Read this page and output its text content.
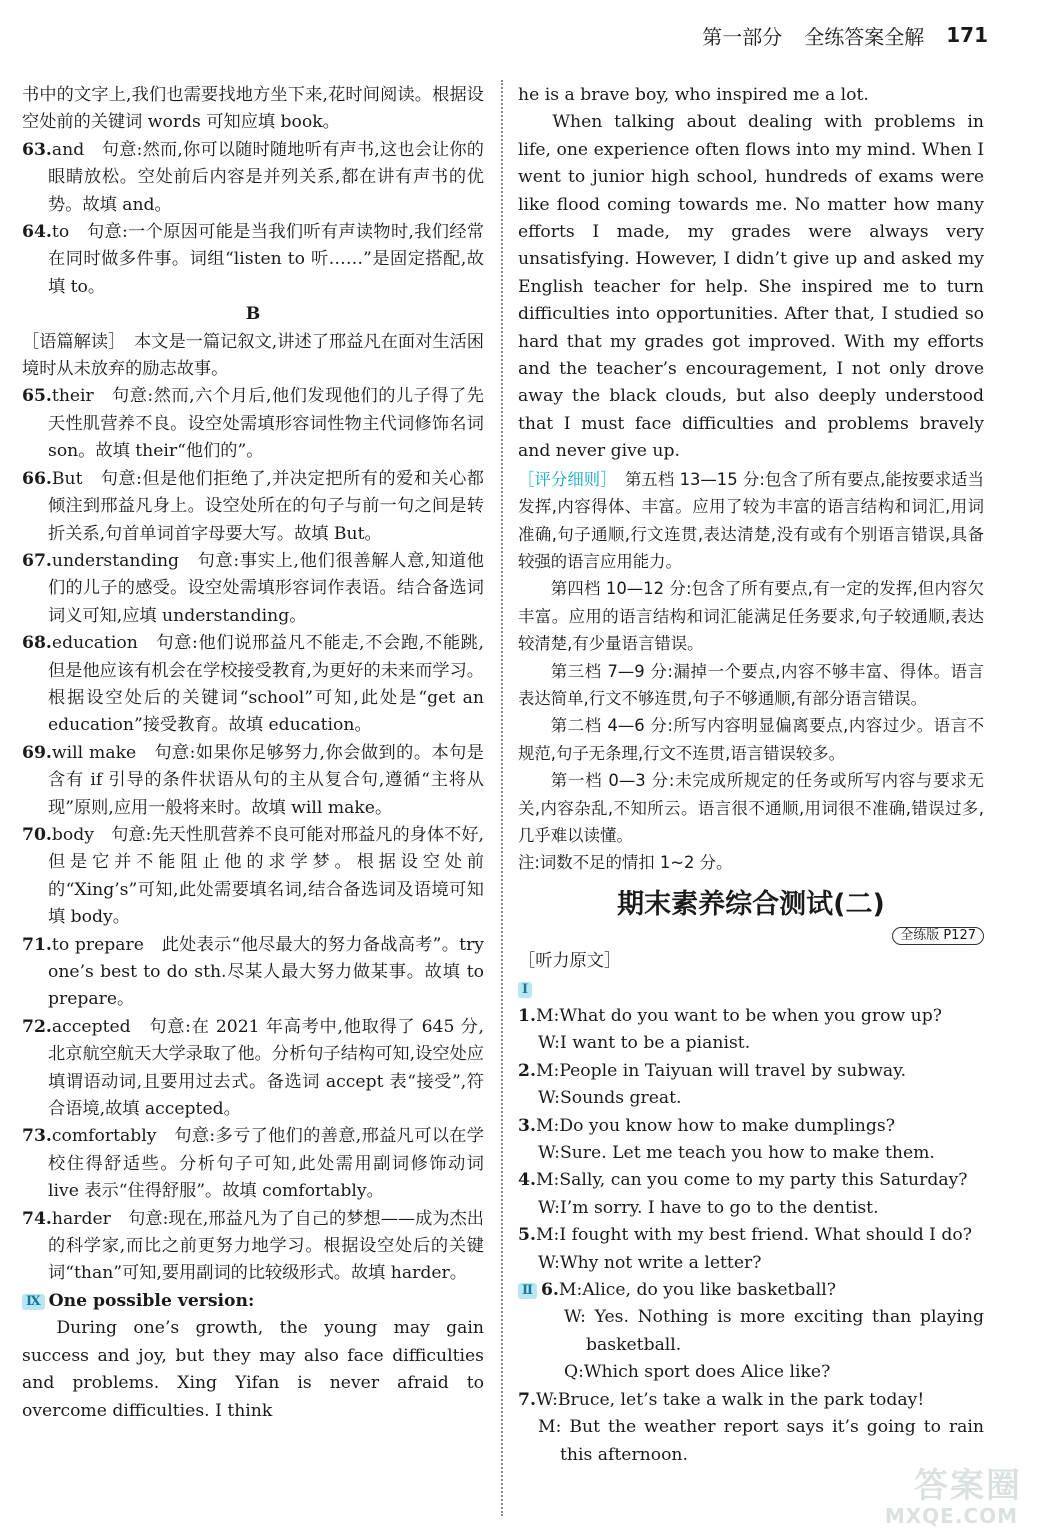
第一部分 全练答案全解 171

书中的文字上,我们也需要找地方坐下来,花时间阅读。根据设空处前的关键词 words 可知应填 book。

63.and　句意:然而,你可以随时随地听有声书,这也会让你的眼睛放松。空处前后内容是并列关系,都在讲有声书的优势。故填 and。

64.to　句意:一个原因可能是当我们听有声读物时,我们经常在同时做多件事。词组“listen to 听……”是固定搭配,故填 to。

B

［语篇解读］　本文是一篇记叙文,讲述了邢益凡在面对生活困境时从未放弃的励志故事。

65.their　句意:然而,六个月后,他们发现他们的儿子得了先天性肌营养不良。设空处需填形容词性物主代词修饰名词 son。故填 their“他们的”。

66.But　句意:但是他们拒绝了,并决定把所有的爱和关心都倾注到邢益凡身上。设空处所在的句子与前一句之间是转折关系,句首单词首字母要大写。故填 But。

67.understanding　句意:事实上,他们很善解人意,知道他们的儿子的感受。设空处需填形容词作表语。结合备选词词义可知,应填 understanding。

68.education　句意:他们说邢益凡不能走,不会跑,不能跳,但是他应该有机会在学校接受教育,为更好的未来而学习。根据设空处后的关键词“school”可知,此处是“get an education”接受教育。故填 education。

69.will make　句意:如果你足够努力,你会做到的。本句是含有 if 引导的条件状语从句的主从复合句,遵循“主将从现”原则,应用一般将来时。故填 will make。

70.body　句意:先天性肌营养不良可能对邢益凡的身体不好,但是它并不能阻止他的求学梦。根据设空处前的“Xing’s”可知,此处需要填名词,结合备选词及语境可知填 body。

71.to prepare　此处表示“他尽最大的努力备战高考”。try one’s best to do sth.尽某人最大努力做某事。故填 to prepare。

72.accepted　句意:在 2021 年高考中,他取得了 645 分,北京航空航天大学录取了他。分析句子结构可知,设空处应填谓语动词,且要用过去式。备选词 accept 表“接受”,符合语境,故填 accepted。

73.comfortably　句意:多亏了他们的善意,邢益凡可以在学校住得舒适些。分析句子可知,此处需用副词修饰动词 live 表示“住得舒服”。故填 comfortably。

74.harder　句意:现在,邢益凡为了自己的梦想——成为杰出的科学家,而比之前更努力地学习。根据设空处后的关键词“than”可知,要用副词的比较级形式。故填 harder。

Ⅸ One possible version:

During one’s growth, the young may gain success and joy, but they may also face difficulties and problems. Xing Yifan is never afraid to overcome difficulties. I think

he is a brave boy, who inspired me a lot.

When talking about dealing with problems in life, one experience often flows into my mind. When I went to junior high school, hundreds of exams were like flood coming towards me. No matter how many efforts I made, my grades were always very unsatisfying. However, I didn’t give up and asked my English teacher for help. She inspired me to turn difficulties into opportunities. After that, I studied so hard that my grades got improved. With my efforts and the teacher’s encouragement, I not only drove away the black clouds, but also deeply understood that I must face difficulties and problems bravely and never give up.

［评分细则］　 第五档 13—15 分:包含了所有要点,能按要求适当发挥,内容得体、丰富。应用了较为丰富的语言结构和词汇,用词准确,句子通顺,行文连贯,表达清楚,没有或有个别语言错误,具备较强的语言应用能力。

第四档 10—12 分:包含了所有要点,有一定的发挥,但内容欠丰富。应用的语言结构和词汇能满足任务要求,句子较通顺,表达较清楚,有少量语言错误。

第三档 7—9 分:漏掉一个要点,内容不够丰富、得体。语言表达简单,行文不够连贯,句子不够通顺,有部分语言错误。

第二档 4—6 分:所写内容明显偏离要点,内容过少。语言不规范,句子无条理,行文不连贯,语言错误较多。

第一档 0—3 分:未完成所规定的任务或所写内容与要求无关,内容杂乱,不知所云。语言很不通顺,用词很不准确,错误过多,几乎难以读懂。

注:词数不足的情扣 1~2 分。

期末素养综合测试(二)
全练版 P127

［听力原文］

Ⅰ

1.M:What do you want to be when you grow up?

W:I want to be a pianist.

2.M:People in Taiyuan will travel by subway.

W:Sounds great.

3.M:Do you know how to make dumplings?

W:Sure. Let me teach you how to make them.

4.M:Sally, can you come to my party this Saturday?

W:I’m sorry. I have to go to the dentist.

5.M:I fought with my best friend. What should I do?

W:Why not write a letter?

Ⅱ 6.M:Alice, do you like basketball?

W: Yes. Nothing is more exciting than playing basketball.

Q:Which sport does Alice like?

7.W:Bruce, let’s take a walk in the park today!

M: But the weather report says it’s going to rain this afternoon.

答案圈
MXQE.COM
